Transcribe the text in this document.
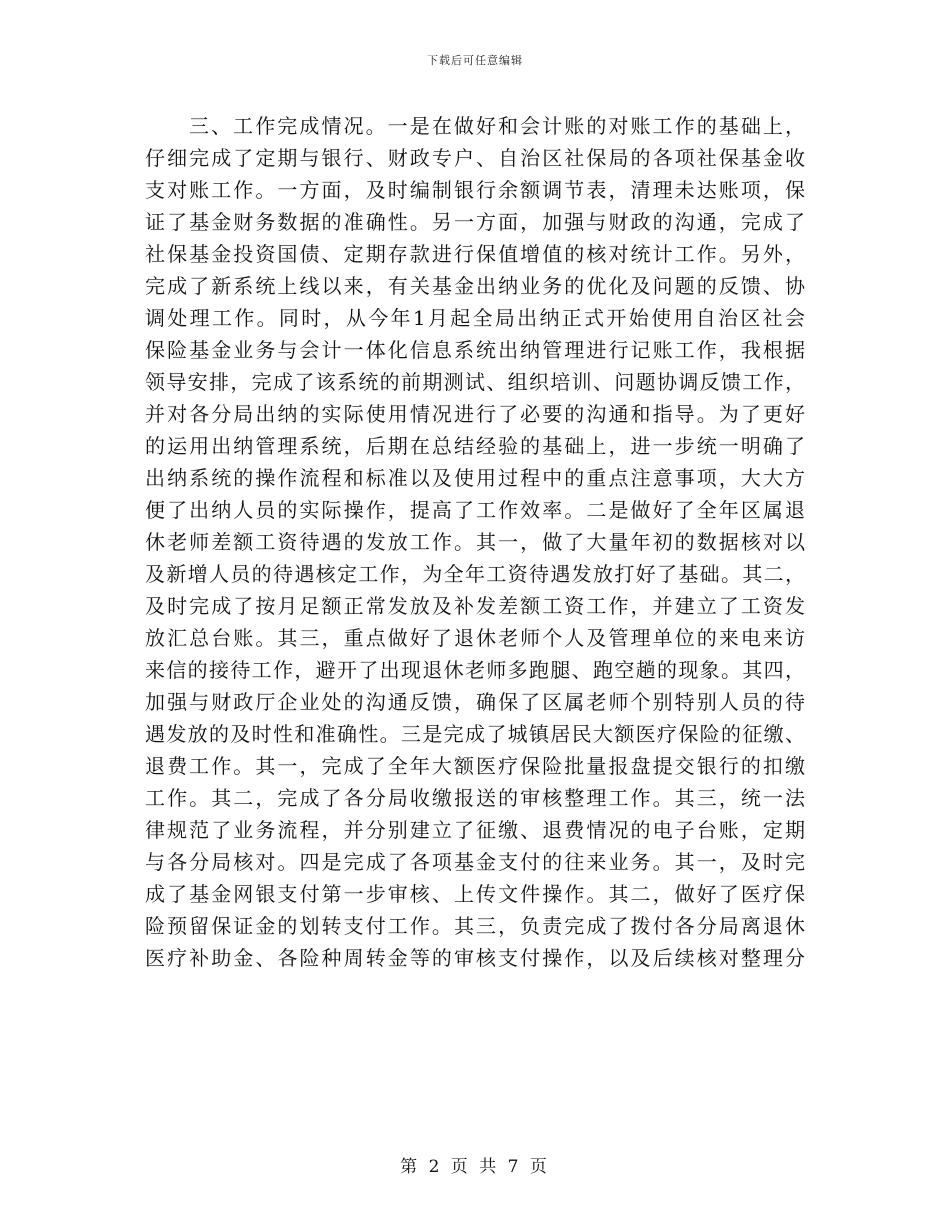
下载后可任意编辑
三、工作完成情况。一是在做好和会计账的对账工作的基础上，
仔细完成了定期与银行、财政专户、自治区社保局的各项社保基金收
支对账工作。一方面，及时编制银行余额调节表，清理未达账项，保
证了基金财务数据的准确性。另一方面，加强与财政的沟通，完成了
社保基金投资国债、定期存款进行保值增值的核对统计工作。另外，
完成了新系统上线以来，有关基金出纳业务的优化及问题的反馈、协
调处理工作。同时，从今年1月起全局出纳正式开始使用自治区社会
保险基金业务与会计一体化信息系统出纳管理进行记账工作，我根据
领导安排，完成了该系统的前期测试、组织培训、问题协调反馈工作，
并对各分局出纳的实际使用情况进行了必要的沟通和指导。为了更好
的运用出纳管理系统，后期在总结经验的基础上，进一步统一明确了
出纳系统的操作流程和标准以及使用过程中的重点注意事项，大大方
便了出纳人员的实际操作，提高了工作效率。二是做好了全年区属退
休老师差额工资待遇的发放工作。其一，做了大量年初的数据核对以
及新增人员的待遇核定工作，为全年工资待遇发放打好了基础。其二，
及时完成了按月足额正常发放及补发差额工资工作，并建立了工资发
放汇总台账。其三，重点做好了退休老师个人及管理单位的来电来访
来信的接待工作，避开了出现退休老师多跑腿、跑空趟的现象。其四，
加强与财政厅企业处的沟通反馈，确保了区属老师个别特别人员的待
遇发放的及时性和准确性。三是完成了城镇居民大额医疗保险的征缴、
退费工作。其一，完成了全年大额医疗保险批量报盘提交银行的扣缴
工作。其二，完成了各分局收缴报送的审核整理工作。其三，统一法
律规范了业务流程，并分别建立了征缴、退费情况的电子台账，定期
与各分局核对。四是完成了各项基金支付的往来业务。其一，及时完
成了基金网银支付第一步审核、上传文件操作。其二，做好了医疗保
险预留保证金的划转支付工作。其三，负责完成了拨付各分局离退休
医疗补助金、各险种周转金等的审核支付操作，以及后续核对整理分
第 2 页 共 7 页
